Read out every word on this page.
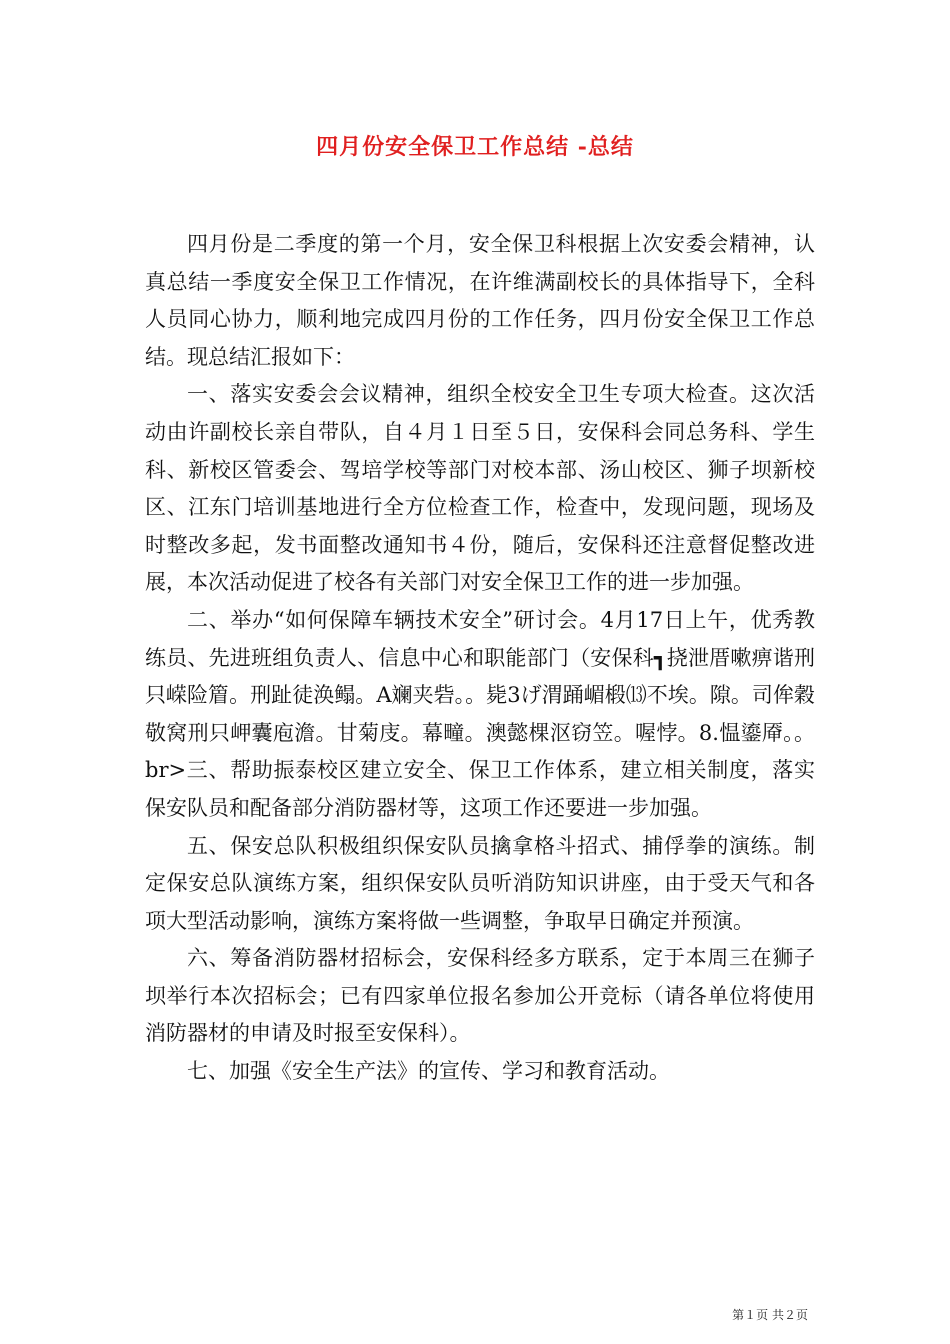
四月份安全保卫工作总结 -总结

四月份是二季度的第一个月，安全保卫科根据上次安委会精神，认真总结一季度安全保卫工作情况，在许维满副校长的具体指导下，全科人员同心协力，顺利地完成四月份的工作任务，四月份安全保卫工作总结。现总结汇报如下：

一、落实安委会会议精神，组织全校安全卫生专项大检查。这次活动由许副校长亲自带队，自４月１日至５日，安保科会同总务科、学生科、新校区管委会、驾培学校等部门对校本部、汤山校区、狮子坝新校区、江东门培训基地进行全方位检查工作，检查中，发现问题，现场及时整改多起，发书面整改通知书４份，随后，安保科还注意督促整改进展，本次活动促进了校各有关部门对安全保卫工作的进一步加强。

二、举办“如何保障车辆技术安全”研讨会。4月17日上午，优秀教练员、先进班组负责人、信息中心和职能部门（安保科┓挠泄厝嗽痹谐刑只嵘险篃。刑趾徒涣鳎。A斓夹砦。。毙3げ渭踊嵋椴⒀不埃。隙。司侔穀敬窝刑只岬囊庖澹。甘菊庋。幕疃。澳懿棵沤窃笠。喔悖。8.愠鎏厣。。br>三、帮助振泰校区建立安全、保卫工作体系，建立相关制度，落实保安队员和配备部分消防器材等，这项工作还要进一步加强。

五、保安总队积极组织保安队员擒拿格斗招式、捕俘拳的演练。制定保安总队演练方案，组织保安队员听消防知识讲座，由于受天气和各项大型活动影响，演练方案将做一些调整，争取早日确定并预演。

六、筹备消防器材招标会，安保科经多方联系，定于本周三在狮子坝举行本次招标会；已有四家单位报名参加公开竞标（请各单位将使用消防器材的申请及时报至安保科）。

七、加强《安全生产法》的宣传、学习和教育活动。

第１页 共２页
